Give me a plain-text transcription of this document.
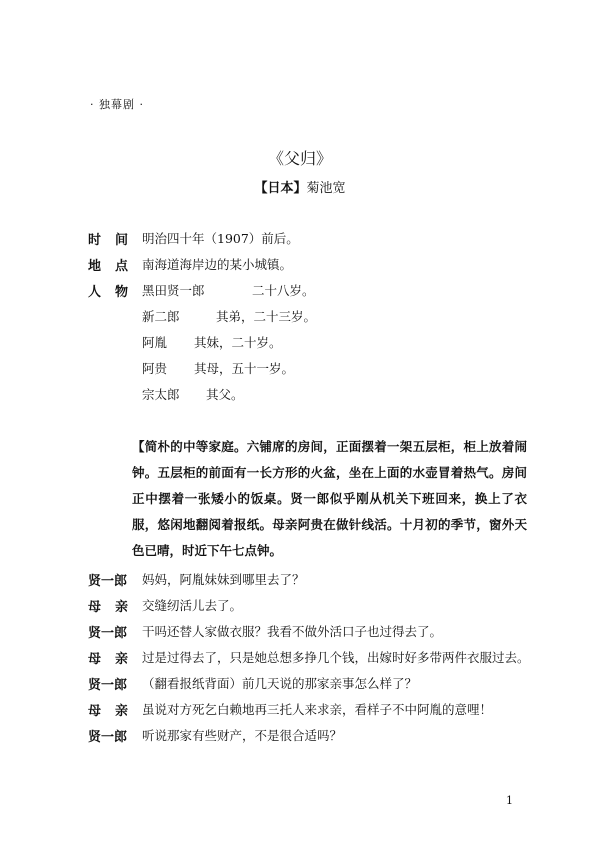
· 独幕剧 ·
《父归》
【日本】菊池宽
时 间 明治四十年（1907）前后。
地 点 南海道海岸边的某小城镇。
人 物 黑田贤一郎	二十八岁。
新二郎	其弟，二十三岁。
阿胤 其妹，二十岁。
阿贵 其母，五十一岁。
宗太郎 其父。
【简朴的中等家庭。六铺席的房间，正面摆着一架五层柜，柜上放着闹钟。五层柜的前面有一长方形的火盆，坐在上面的水壶冒着热气。房间正中摆着一张矮小的饭桌。贤一郎似乎刚从机关下班回来，换上了衣服，悠闲地翻阅着报纸。母亲阿贵在做针线活。十月初的季节，窗外天色已晴，时近下午七点钟。
贤一郎 妈妈，阿胤妹妹到哪里去了？
母 亲 交缝纫活儿去了。
贤一郎 干吗还替人家做衣服？我看不做外活口子也过得去了。
母 亲 过是过得去了，只是她总想多挣几个钱，出嫁时好多带两件衣服过去。
贤一郎 （翻看报纸背面）前几天说的那家亲事怎么样了？
母 亲 虽说对方死乞白赖地再三托人来求亲，看样子不中阿胤的意哩！
贤一郎 听说那家有些财产，不是很合适吗？
1
